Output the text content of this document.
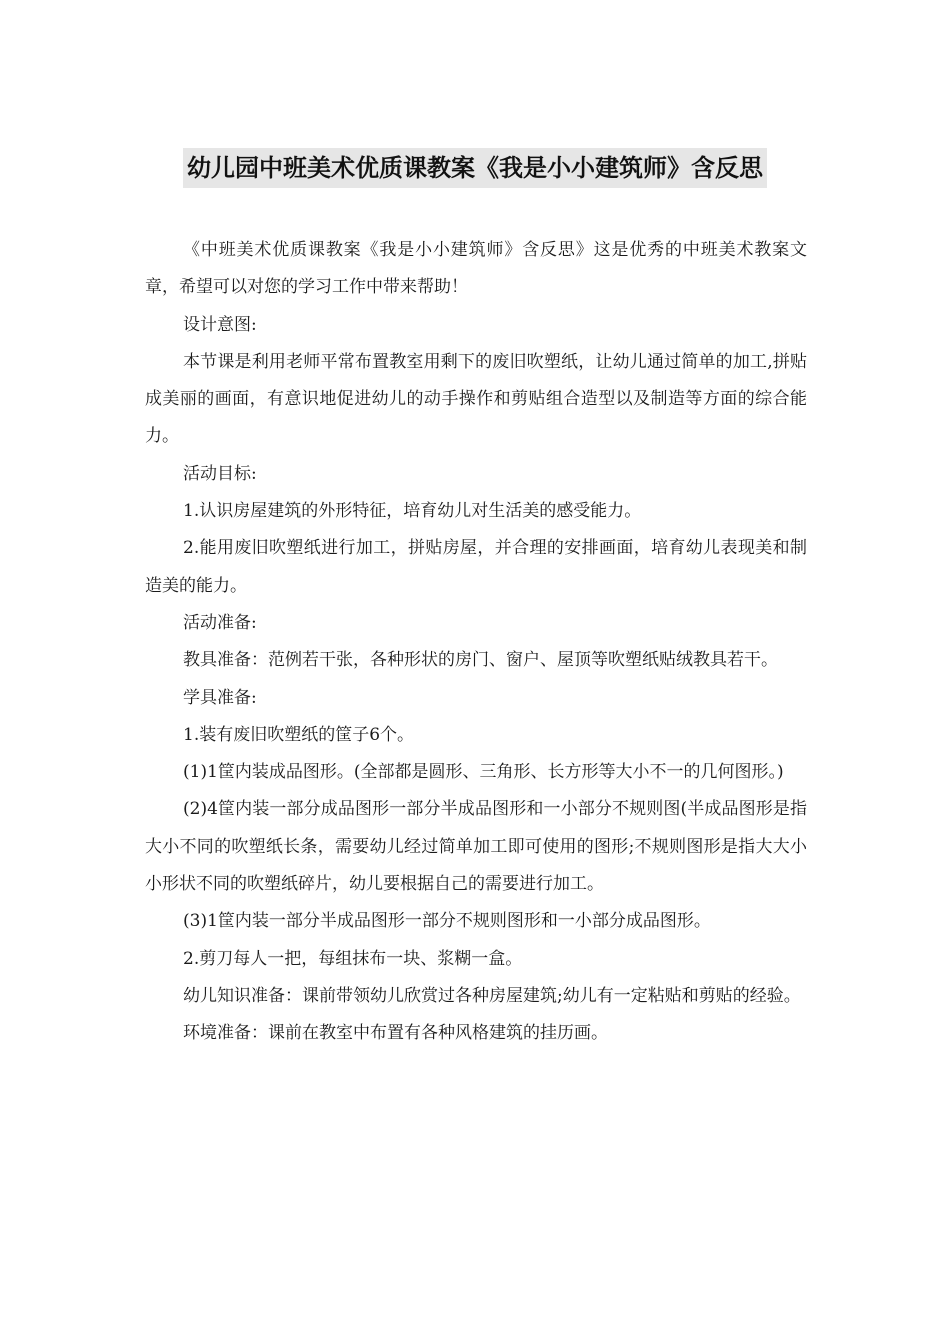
幼儿园中班美术优质课教案《我是小小建筑师》含反思

《中班美术优质课教案《我是小小建筑师》含反思》这是优秀的中班美术教案文章，希望可以对您的学习工作中带来帮助！

设计意图:

本节课是利用老师平常布置教室用剩下的废旧吹塑纸，让幼儿通过简单的加工,拼贴成美丽的画面，有意识地促进幼儿的动手操作和剪贴组合造型以及制造等方面的综合能力。

活动目标:

1.认识房屋建筑的外形特征，培育幼儿对生活美的感受能力。

2.能用废旧吹塑纸进行加工，拼贴房屋，并合理的安排画面，培育幼儿表现美和制造美的能力。

活动准备:

教具准备：范例若干张，各种形状的房门、窗户、屋顶等吹塑纸贴绒教具若干。

学具准备:

1.装有废旧吹塑纸的筐子6个。

(1)1筐内装成品图形。(全部都是圆形、三角形、长方形等大小不一的几何图形。)

(2)4筐内装一部分成品图形一部分半成品图形和一小部分不规则图(半成品图形是指大小不同的吹塑纸长条，需要幼儿经过简单加工即可使用的图形;不规则图形是指大大小小形状不同的吹塑纸碎片，幼儿要根据自己的需要进行加工。

(3)1筐内装一部分半成品图形一部分不规则图形和一小部分成品图形。

2.剪刀每人一把，每组抹布一块、浆糊一盒。

幼儿知识准备：课前带领幼儿欣赏过各种房屋建筑;幼儿有一定粘贴和剪贴的经验。

环境准备：课前在教室中布置有各种风格建筑的挂历画。
